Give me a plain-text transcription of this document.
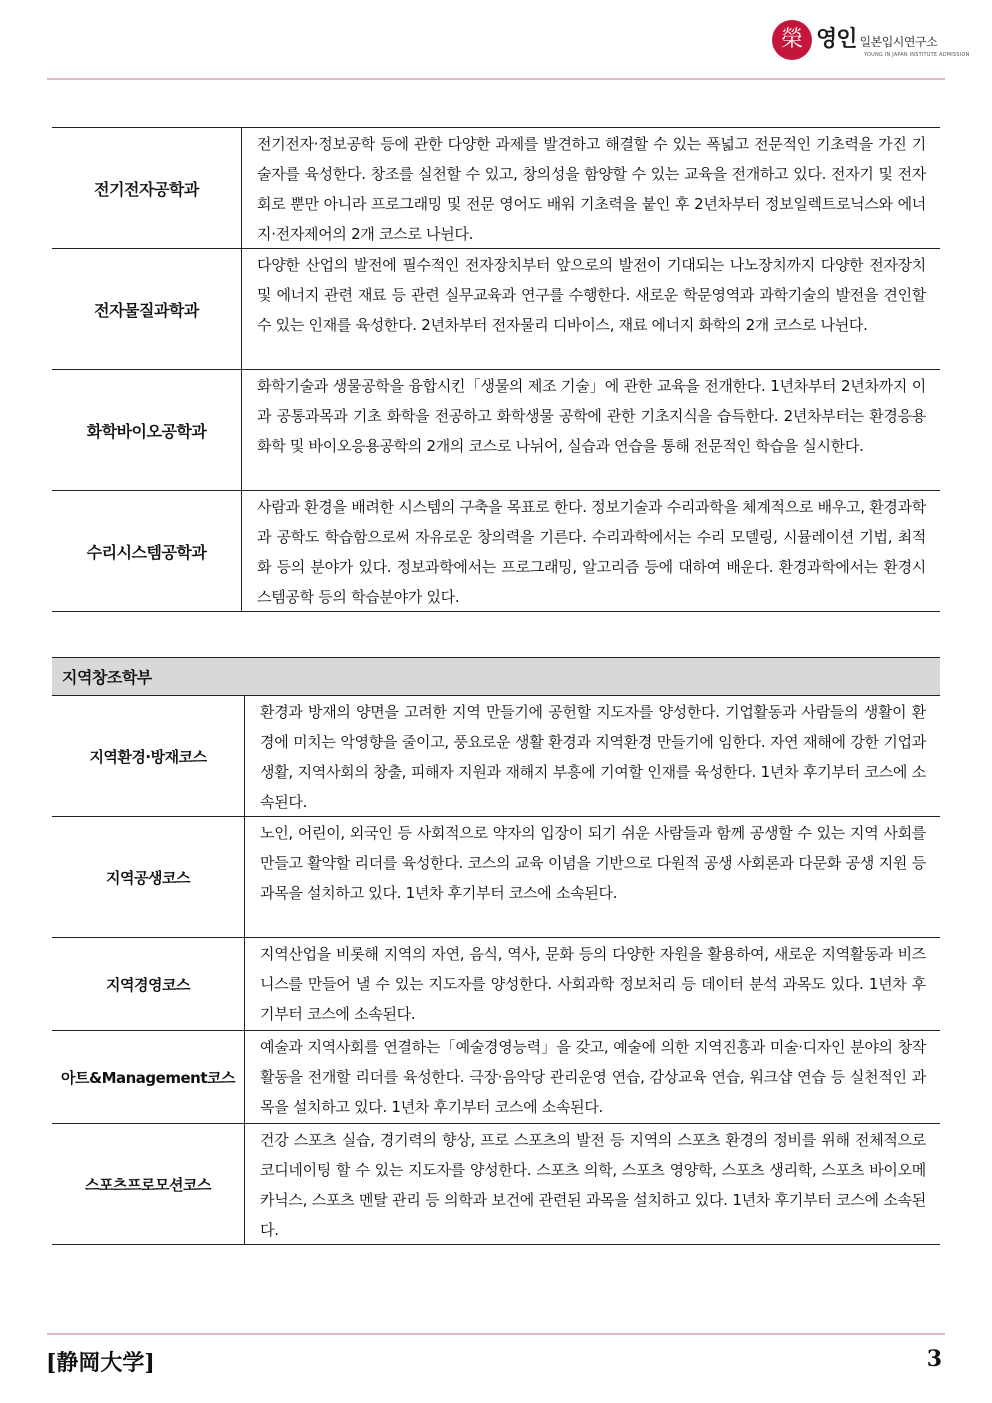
榮 영인 일본입시연구소
YOUNG IN JAPAN INSTITUTE ADMISSION
전기전자공학과
전기전자·정보공학 등에 관한 다양한 과제를 발견하고 해결할 수 있는 폭넓고 전문적인 기초력을 가진 기술자를 육성한다. 창조를 실천할 수 있고, 창의성을 함양할 수 있는 교육을 전개하고 있다. 전자기 및 전자회로 뿐만 아니라 프로그래밍 및 전문 영어도 배워 기초력을 붙인 후 2년차부터 정보일렉트로닉스와 에너지·전자제어의 2개 코스로 나뉜다.
전자물질과학과
다양한 산업의 발전에 필수적인 전자장치부터 앞으로의 발전이 기대되는 나노장치까지 다양한 전자장치 및 에너지 관련 재료 등 관련 실무교육과 연구를 수행한다. 새로운 학문영역과 과학기술의 발전을 견인할 수 있는 인재를 육성한다. 2년차부터 전자물리 디바이스, 재료 에너지 화학의 2개 코스로 나뉜다.
화학바이오공학과
화학기술과 생물공학을 융합시킨「생물의 제조 기술」에 관한 교육을 전개한다. 1년차부터 2년차까지 이과 공통과목과 기초 화학을 전공하고 화학생물 공학에 관한 기초지식을 습득한다. 2년차부터는 환경응용화학 및 바이오응용공학의 2개의 코스로 나뉘어, 실습과 연습을 통해 전문적인 학습을 실시한다.
수리시스템공학과
사람과 환경을 배려한 시스템의 구축을 목표로 한다. 정보기술과 수리과학을 체계적으로 배우고, 환경과학과 공학도 학습함으로써 자유로운 창의력을 기른다. 수리과학에서는 수리 모델링, 시뮬레이션 기법, 최적화 등의 분야가 있다. 정보과학에서는 프로그래밍, 알고리즘 등에 대하여 배운다. 환경과학에서는 환경시스템공학 등의 학습분야가 있다.
지역창조학부
지역환경·방재코스
환경과 방재의 양면을 고려한 지역 만들기에 공헌할 지도자를 양성한다. 기업활동과 사람들의 생활이 환경에 미치는 악영향을 줄이고, 풍요로운 생활 환경과 지역환경 만들기에 임한다. 자연 재해에 강한 기업과 생활, 지역사회의 창출, 피해자 지원과 재해지 부흥에 기여할 인재를 육성한다. 1년차 후기부터 코스에 소속된다.
지역공생코스
노인, 어린이, 외국인 등 사회적으로 약자의 입장이 되기 쉬운 사람들과 함께 공생할 수 있는 지역 사회를 만들고 활약할 리더를 육성한다. 코스의 교육 이념을 기반으로 다원적 공생 사회론과 다문화 공생 지원 등 과목을 설치하고 있다. 1년차 후기부터 코스에 소속된다.
지역경영코스
지역산업을 비롯해 지역의 자연, 음식, 역사, 문화 등의 다양한 자원을 활용하여, 새로운 지역활동과 비즈니스를 만들어 낼 수 있는 지도자를 양성한다. 사회과학 정보처리 등 데이터 분석 과목도 있다. 1년차 후기부터 코스에 소속된다.
아트&Management코스
예술과 지역사회를 연결하는「예술경영능력」을 갖고, 예술에 의한 지역진흥과 미술·디자인 분야의 창작활동을 전개할 리더를 육성한다. 극장·음악당 관리운영 연습, 감상교육 연습, 워크샵 연습 등 실천적인 과목을 설치하고 있다. 1년차 후기부터 코스에 소속된다.
스포츠프로모션코스
건강 스포츠 실습, 경기력의 향상, 프로 스포츠의 발전 등 지역의 스포츠 환경의 정비를 위해 전체적으로 코디네이팅 할 수 있는 지도자를 양성한다. 스포츠 의학, 스포츠 영양학, 스포츠 생리학, 스포츠 바이오메카닉스, 스포츠 멘탈 관리 등 의학과 보건에 관련된 과목을 설치하고 있다. 1년차 후기부터 코스에 소속된다.
[静岡大学]	3
